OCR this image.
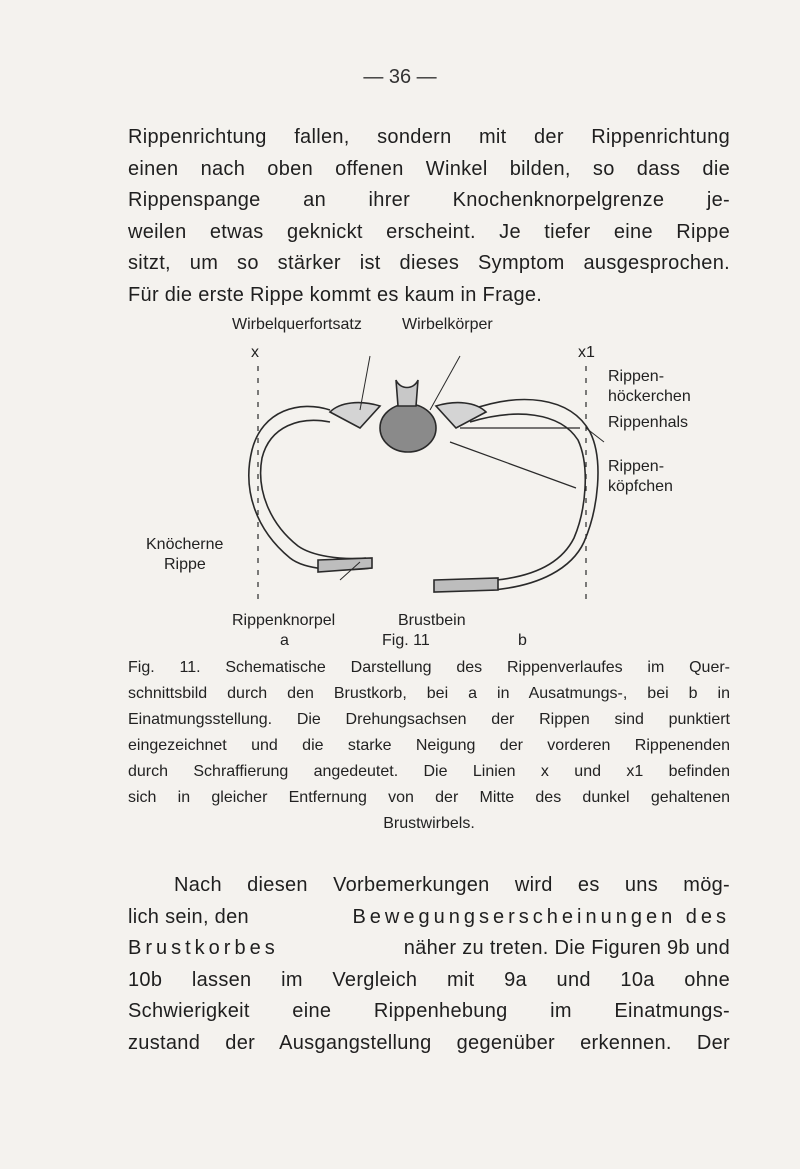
— 36 —
Rippenrichtung fallen, sondern mit der Rippenrichtung
einen nach oben offenen Winkel bilden, so dass die
Rippenspange an ihrer Knochenknorpelgrenze je-
weilen etwas geknickt erscheint. Je tiefer eine Rippe
sitzt, um so stärker ist dieses Symptom ausgesprochen.
Für die erste Rippe kommt es kaum in Frage.
Wirbelquerfortsatz	Wirbelkörper
x	x1
Rippen-
höckerchen
Rippenhals
Rippen-
köpfchen
Knöcherne
Rippe
Rippenknorpel	Brustbein
a	Fig. 11	b
Fig. 11. Schematische Darstellung des Rippenverlaufes im Quer-
schnittsbild durch den Brustkorb, bei a in Ausatmungs-, bei b in
Einatmungsstellung. Die Drehungsachsen der Rippen sind punktiert
eingezeichnet und die starke Neigung der vorderen Rippenenden
durch Schraffierung angedeutet. Die Linien x und x1 befinden
sich in gleicher Entfernung von der Mitte des dunkel gehaltenen
Brustwirbels.
Nach diesen Vorbemerkungen wird es uns mög-
lich sein, den	Bewegungserscheinungen des
Brustkorbes	näher zu treten. Die Figuren 9b und
10b lassen im Vergleich mit 9a und 10a ohne
Schwierigkeit eine Rippenhebung im Einatmungs-
zustand der Ausgangstellung gegenüber erkennen. Der
